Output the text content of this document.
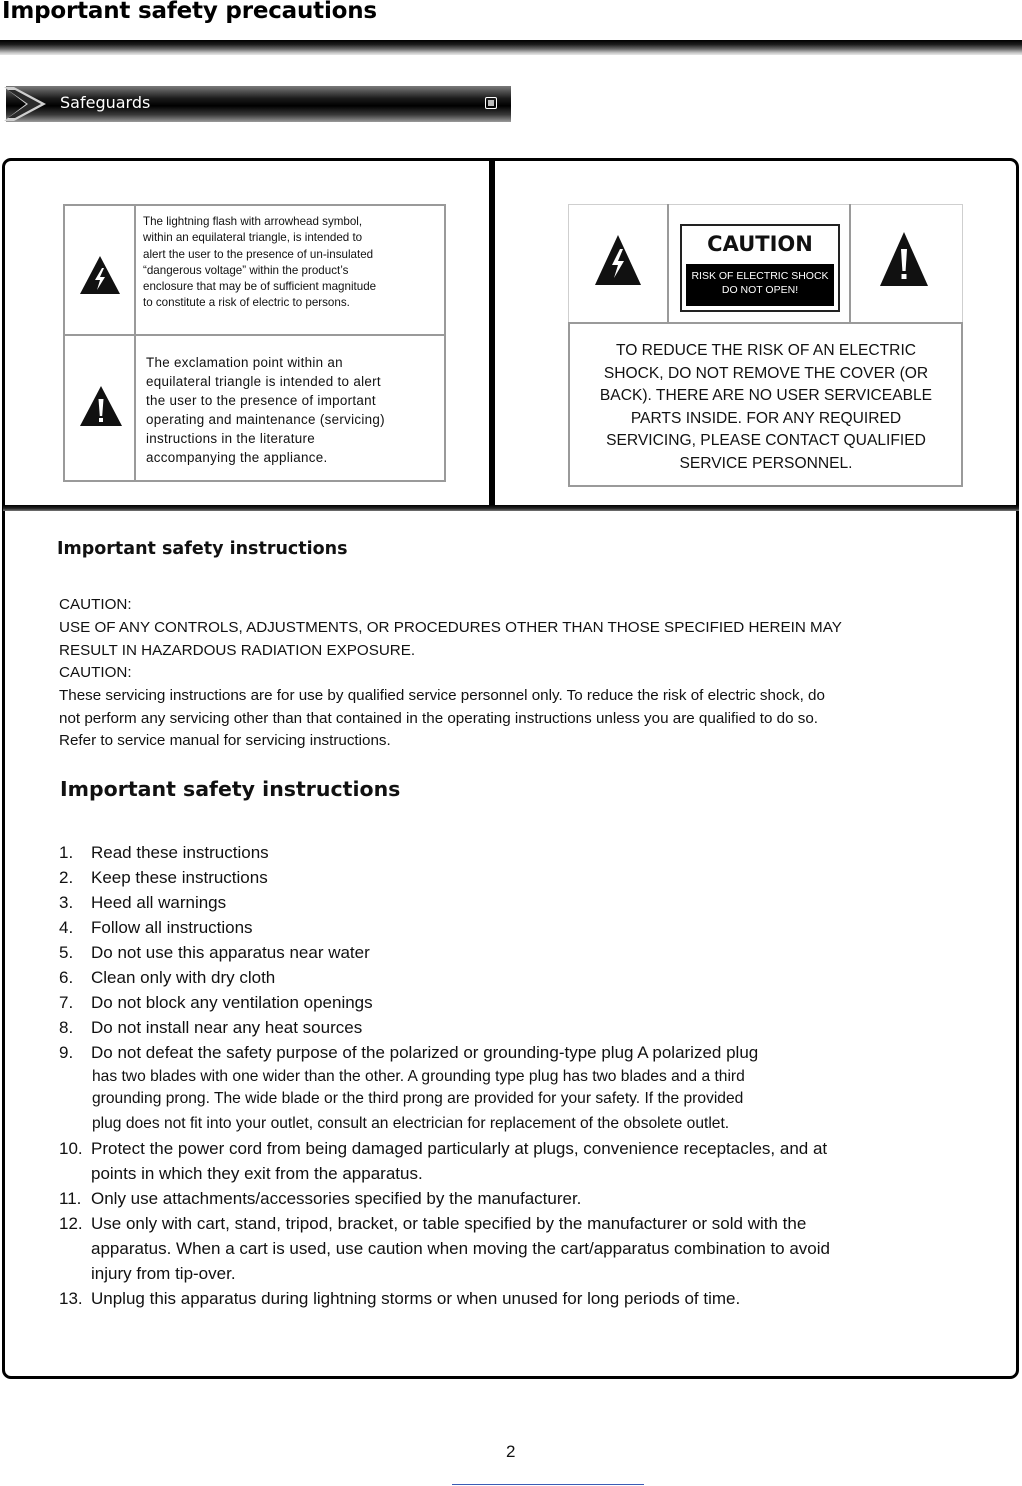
Important safety precautions
Safeguards
The lightning flash with arrowhead symbol,
within an equilateral triangle, is intended to
alert the user to the presence of un-insulated
“dangerous voltage” within the product’s
enclosure that may be of sufficient magnitude
to constitute a risk of electric to persons.
The exclamation point within an
equilateral triangle is intended to alert
the user to the presence of important
operating and maintenance (servicing)
instructions in the literature
accompanying the appliance.
CAUTION
RISK OF ELECTRIC SHOCK
DO NOT OPEN!
TO REDUCE THE RISK OF AN ELECTRIC
SHOCK, DO NOT REMOVE THE COVER (OR
BACK). THERE ARE NO USER SERVICEABLE
PARTS INSIDE. FOR ANY REQUIRED
SERVICING, PLEASE CONTACT QUALIFIED
SERVICE PERSONNEL.
Important safety instructions
CAUTION:
USE OF ANY CONTROLS, ADJUSTMENTS, OR PROCEDURES OTHER THAN THOSE SPECIFIED HEREIN MAY
RESULT IN HAZARDOUS RADIATION EXPOSURE.
CAUTION:
These servicing instructions are for use by qualified service personnel only. To reduce the risk of electric shock, do
not perform any servicing other than that contained in the operating instructions unless you are qualified to do so.
Refer to service manual for servicing instructions.
Important safety instructions
1. Read these instructions
2. Keep these instructions
3. Heed all warnings
4. Follow all instructions
5. Do not use this apparatus near water
6. Clean only with dry cloth
7. Do not block any ventilation openings
8. Do not install near any heat sources
9. Do not defeat the safety purpose of the polarized or grounding-type plug A polarized plug
has two blades with one wider than the other. A grounding type plug has two blades and a third
grounding prong. The wide blade or the third prong are provided for your safety. If the provided
plug does not fit into your outlet, consult an electrician for replacement of the obsolete outlet.
10. Protect the power cord from being damaged particularly at plugs, convenience receptacles, and at
points in which they exit from the apparatus.
11. Only use attachments/accessories specified by the manufacturer.
12. Use only with cart, stand, tripod, bracket, or table specified by the manufacturer or sold with the
apparatus. When a cart is used, use caution when moving the cart/apparatus combination to avoid
injury from tip-over.
13. Unplug this apparatus during lightning storms or when unused for long periods of time.
2
